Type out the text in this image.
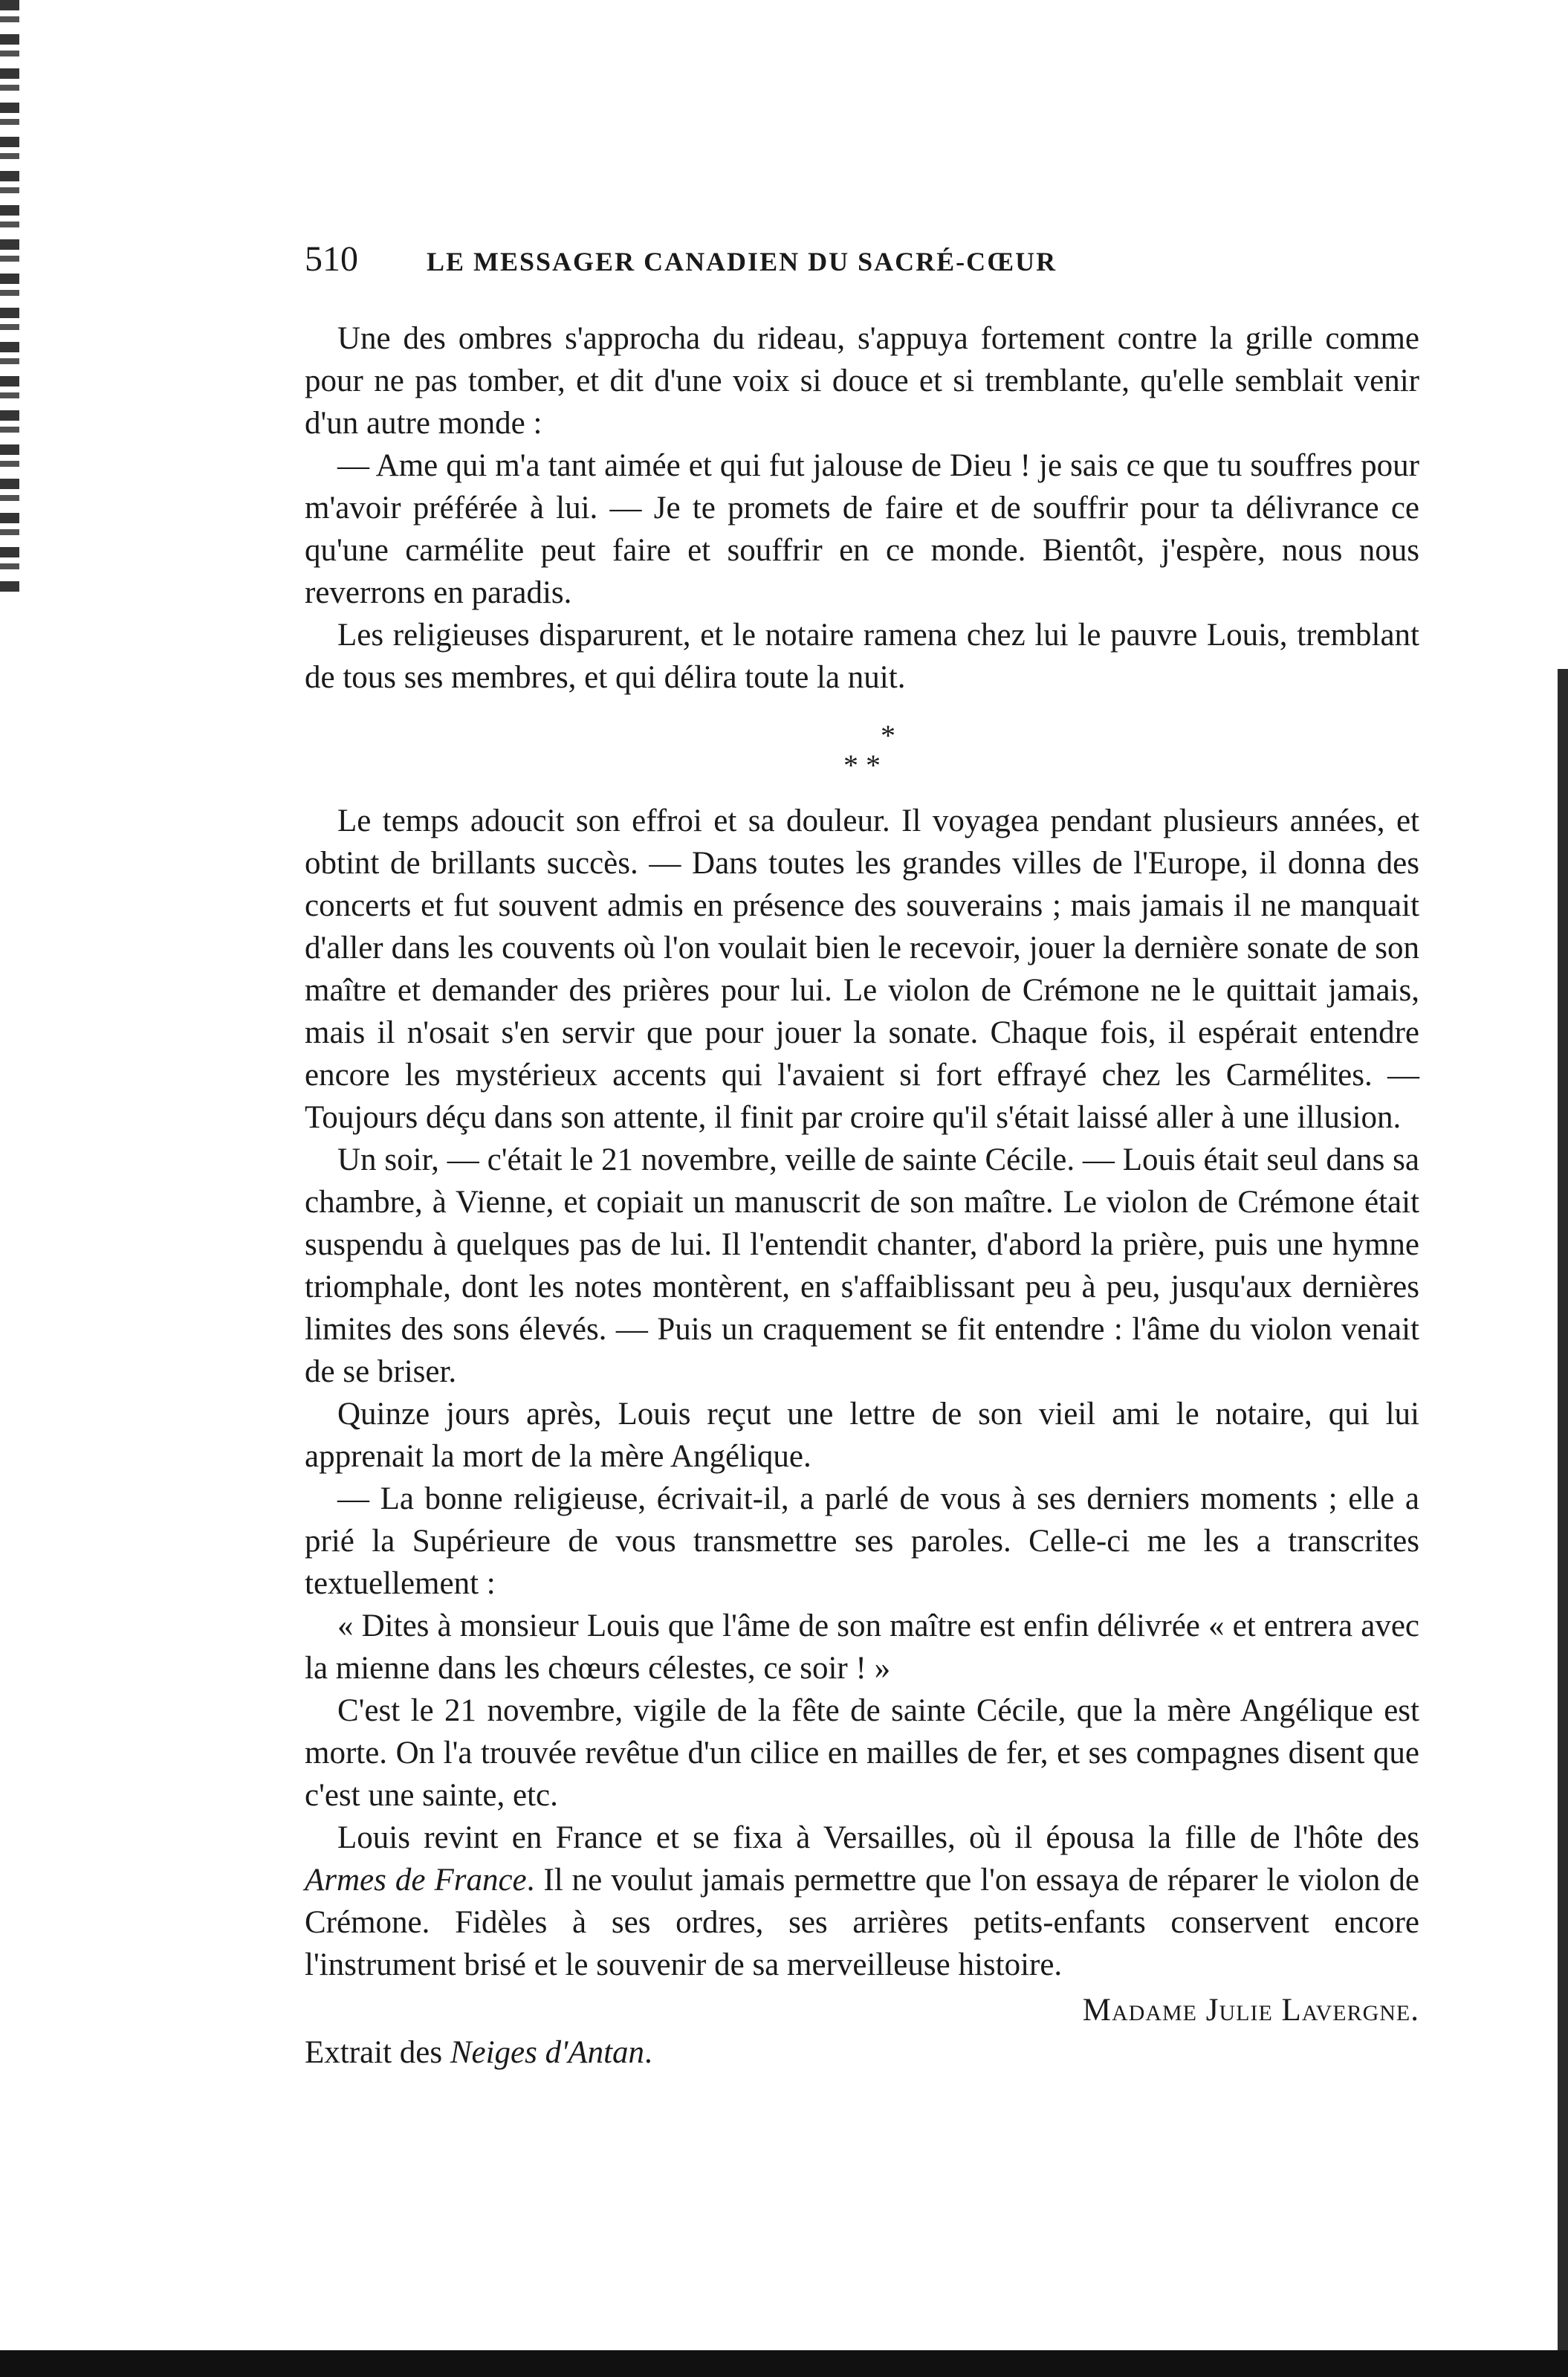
510	LE MESSAGER CANADIEN DU SACRÉ-CŒUR

Une des ombres s'approcha du rideau, s'appuya fortement contre la grille comme pour ne pas tomber, et dit d'une voix si douce et si tremblante, qu'elle semblait venir d'un autre monde :

— Ame qui m'a tant aimée et qui fut jalouse de Dieu ! je sais ce que tu souffres pour m'avoir préférée à lui. — Je te promets de faire et de souffrir pour ta délivrance ce qu'une carmélite peut faire et souffrir en ce monde. Bientôt, j'espère, nous nous reverrons en paradis.

Les religieuses disparurent, et le notaire ramena chez lui le pauvre Louis, tremblant de tous ses membres, et qui délira toute la nuit.

*
* *

Le temps adoucit son effroi et sa douleur. Il voyagea pendant plusieurs années, et obtint de brillants succès. — Dans toutes les grandes villes de l'Europe, il donna des concerts et fut souvent admis en présence des souverains ; mais jamais il ne manquait d'aller dans les couvents où l'on voulait bien le recevoir, jouer la dernière sonate de son maître et demander des prières pour lui. Le violon de Crémone ne le quittait jamais, mais il n'osait s'en servir que pour jouer la sonate. Chaque fois, il espérait entendre encore les mystérieux accents qui l'avaient si fort effrayé chez les Carmélites. — Toujours déçu dans son attente, il finit par croire qu'il s'était laissé aller à une illusion.

Un soir, — c'était le 21 novembre, veille de sainte Cécile. — Louis était seul dans sa chambre, à Vienne, et copiait un manuscrit de son maître. Le violon de Crémone était suspendu à quelques pas de lui. Il l'entendit chanter, d'abord la prière, puis une hymne triomphale, dont les notes montèrent, en s'affaiblissant peu à peu, jusqu'aux dernières limites des sons élevés. — Puis un craquement se fit entendre : l'âme du violon venait de se briser.

Quinze jours après, Louis reçut une lettre de son vieil ami le notaire, qui lui apprenait la mort de la mère Angélique.

— La bonne religieuse, écrivait-il, a parlé de vous à ses derniers moments ; elle a prié la Supérieure de vous transmettre ses paroles. Celle-ci me les a transcrites textuellement :

« Dites à monsieur Louis que l'âme de son maître est enfin délivrée « et entrera avec la mienne dans les chœurs célestes, ce soir ! »

C'est le 21 novembre, vigile de la fête de sainte Cécile, que la mère Angélique est morte. On l'a trouvée revêtue d'un cilice en mailles de fer, et ses compagnes disent que c'est une sainte, etc.

Louis revint en France et se fixa à Versailles, où il épousa la fille de l'hôte des Armes de France. Il ne voulut jamais permettre que l'on essaya de réparer le violon de Crémone. Fidèles à ses ordres, ses arrières petits-enfants conservent encore l'instrument brisé et le souvenir de sa merveilleuse histoire.

Madame Julie Lavergne.
Extrait des Neiges d'Antan.
